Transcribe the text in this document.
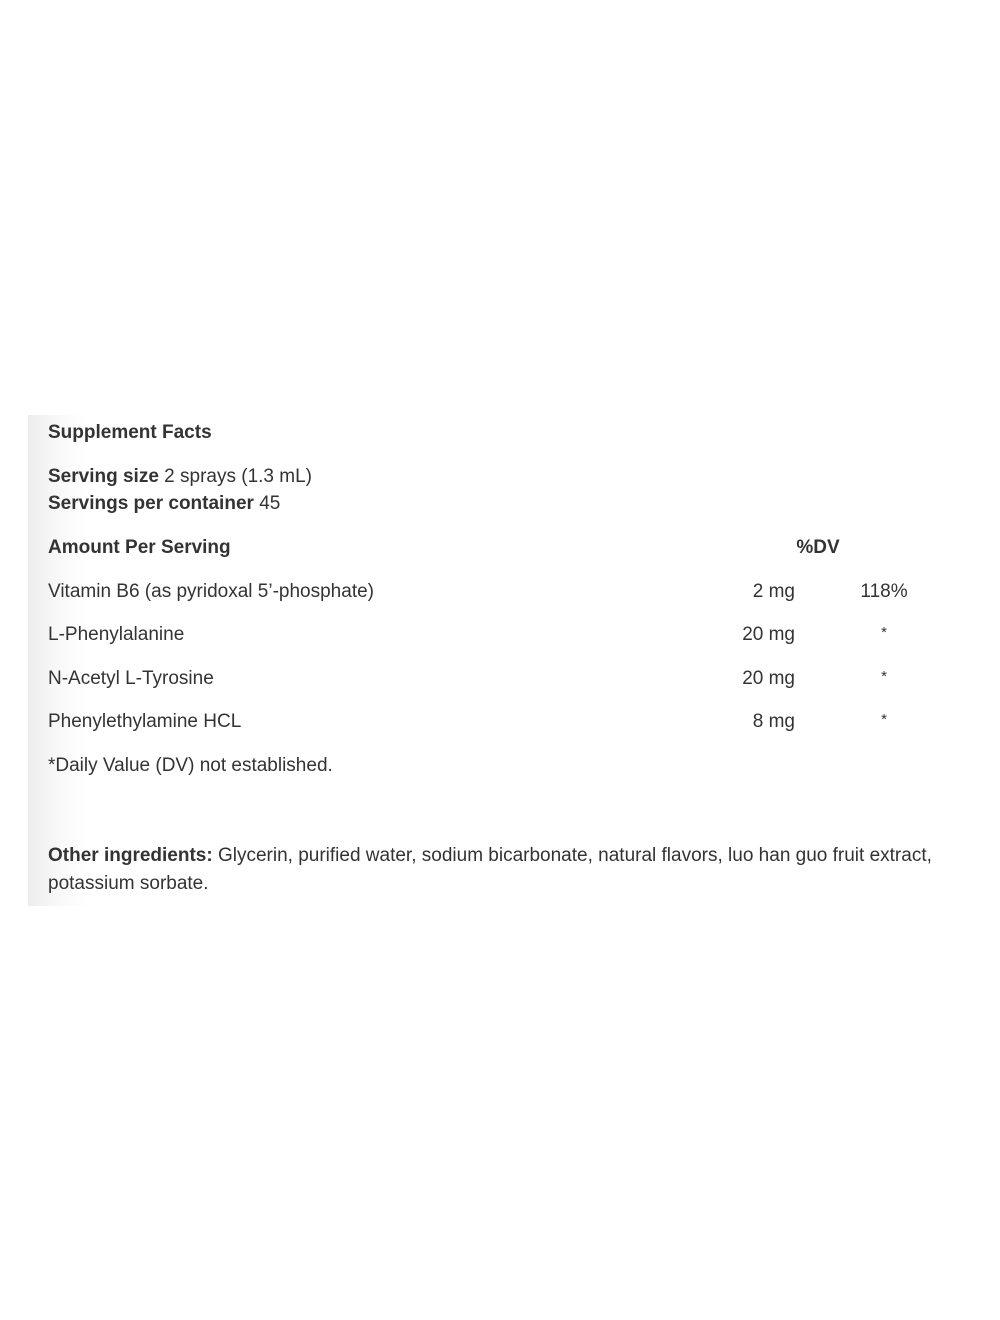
Supplement Facts
Serving size 2 sprays (1.3 mL)
Servings per container 45
Amount Per Serving	%DV
Vitamin B6 (as pyridoxal 5’-phosphate)	2 mg	118%
L-Phenylalanine	20 mg	*
N-Acetyl L-Tyrosine	20 mg	*
Phenylethylamine HCL	8 mg	*
*Daily Value (DV) not established.
Other ingredients: Glycerin, purified water, sodium bicarbonate, natural flavors, luo han guo fruit extract, potassium sorbate.
